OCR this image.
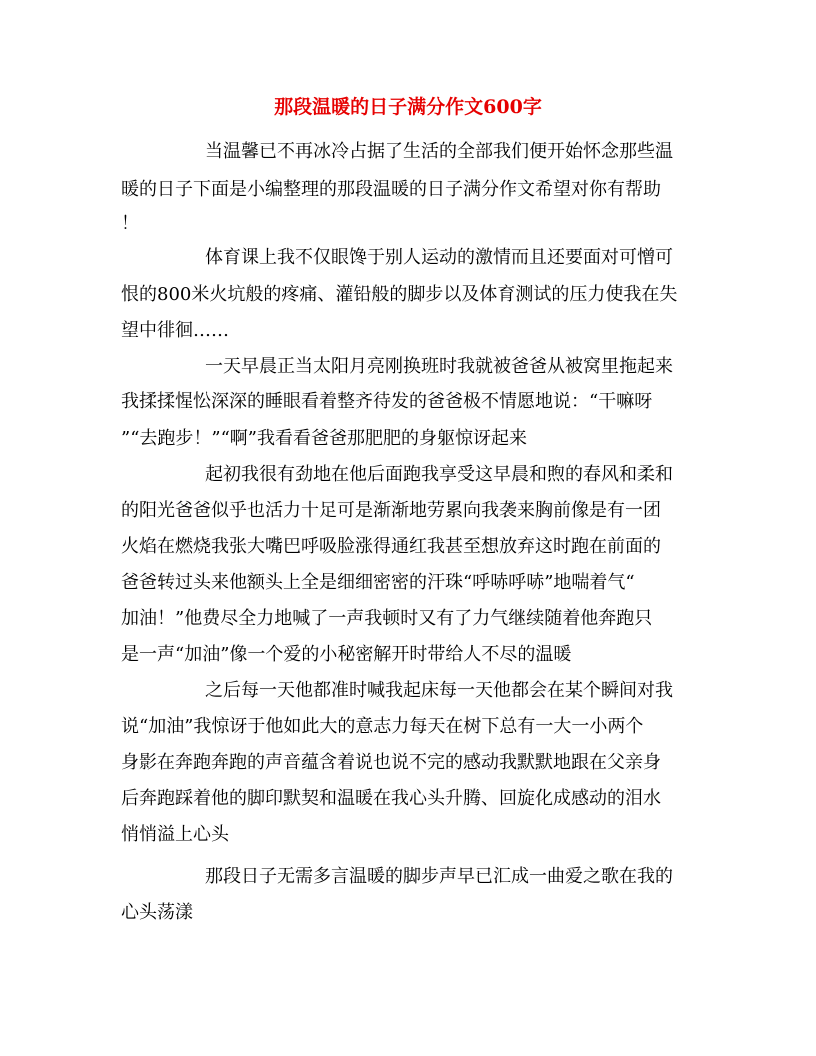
那段温暖的日子满分作文600字
当温馨已不再冰冷占据了生活的全部我们便开始怀念那些温
暖的日子下面是小编整理的那段温暖的日子满分作文希望对你有帮助
！
体育课上我不仅眼馋于别人运动的激情而且还要面对可憎可
恨的800米火坑般的疼痛、灌铅般的脚步以及体育测试的压力使我在失
望中徘徊……
一天早晨正当太阳月亮刚换班时我就被爸爸从被窝里拖起来
我揉揉惺忪深深的睡眼看着整齐待发的爸爸极不情愿地说：“干嘛呀
”“去跑步！”“啊”我看看爸爸那肥肥的身躯惊讶起来
起初我很有劲地在他后面跑我享受这早晨和煦的春风和柔和
的阳光爸爸似乎也活力十足可是渐渐地劳累向我袭来胸前像是有一团
火焰在燃烧我张大嘴巴呼吸脸涨得通红我甚至想放弃这时跑在前面的
爸爸转过头来他额头上全是细细密密的汗珠“呼哧呼哧”地喘着气“
加油！”他费尽全力地喊了一声我顿时又有了力气继续随着他奔跑只
是一声“加油”像一个爱的小秘密解开时带给人不尽的温暖
之后每一天他都准时喊我起床每一天他都会在某个瞬间对我
说“加油”我惊讶于他如此大的意志力每天在树下总有一大一小两个
身影在奔跑奔跑的声音蕴含着说也说不完的感动我默默地跟在父亲身
后奔跑踩着他的脚印默契和温暖在我心头升腾、回旋化成感动的泪水
悄悄溢上心头
那段日子无需多言温暖的脚步声早已汇成一曲爱之歌在我的
心头荡漾
